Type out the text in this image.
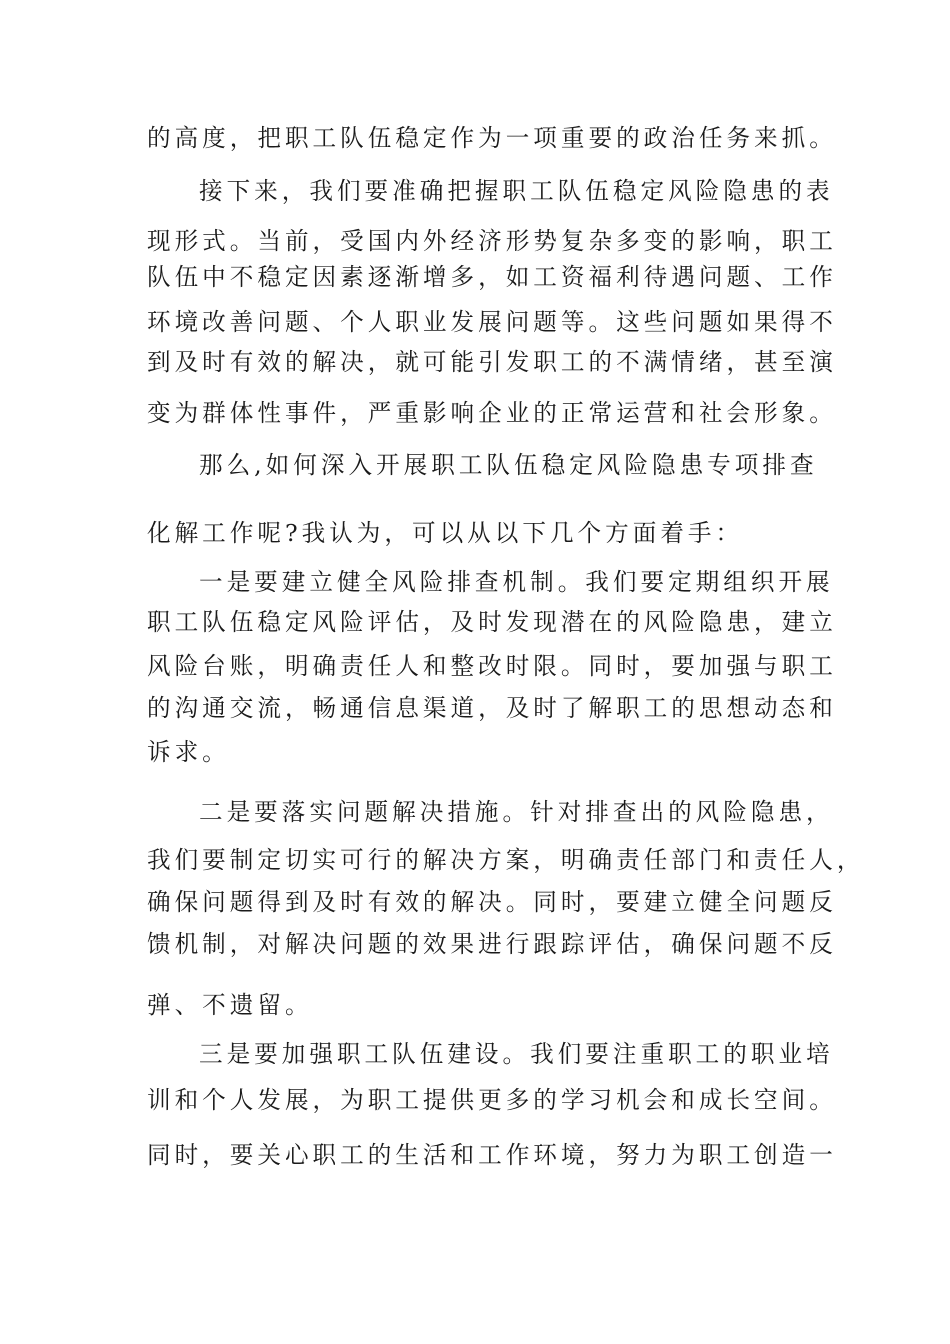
的高度，把职工队伍稳定作为一项重要的政治任务来抓。
接下来，我们要准确把握职工队伍稳定风险隐患的表
现形式。当前，受国内外经济形势复杂多变的影响，职工
队伍中不稳定因素逐渐增多，如工资福利待遇问题、工作
环境改善问题、个人职业发展问题等。这些问题如果得不
到及时有效的解决，就可能引发职工的不满情绪，甚至演
变为群体性事件，严重影响企业的正常运营和社会形象。
那么,如何深入开展职工队伍稳定风险隐患专项排查
化解工作呢?我认为，可以从以下几个方面着手：
一是要建立健全风险排查机制。我们要定期组织开展
职工队伍稳定风险评估，及时发现潜在的风险隐患，建立
风险台账，明确责任人和整改时限。同时，要加强与职工
的沟通交流，畅通信息渠道，及时了解职工的思想动态和
诉求。
二是要落实问题解决措施。针对排查出的风险隐患，
我们要制定切实可行的解决方案，明确责任部门和责任人，
确保问题得到及时有效的解决。同时，要建立健全问题反
馈机制，对解决问题的效果进行跟踪评估，确保问题不反
弹、不遗留。
三是要加强职工队伍建设。我们要注重职工的职业培
训和个人发展，为职工提供更多的学习机会和成长空间。
同时，要关心职工的生活和工作环境，努力为职工创造一
